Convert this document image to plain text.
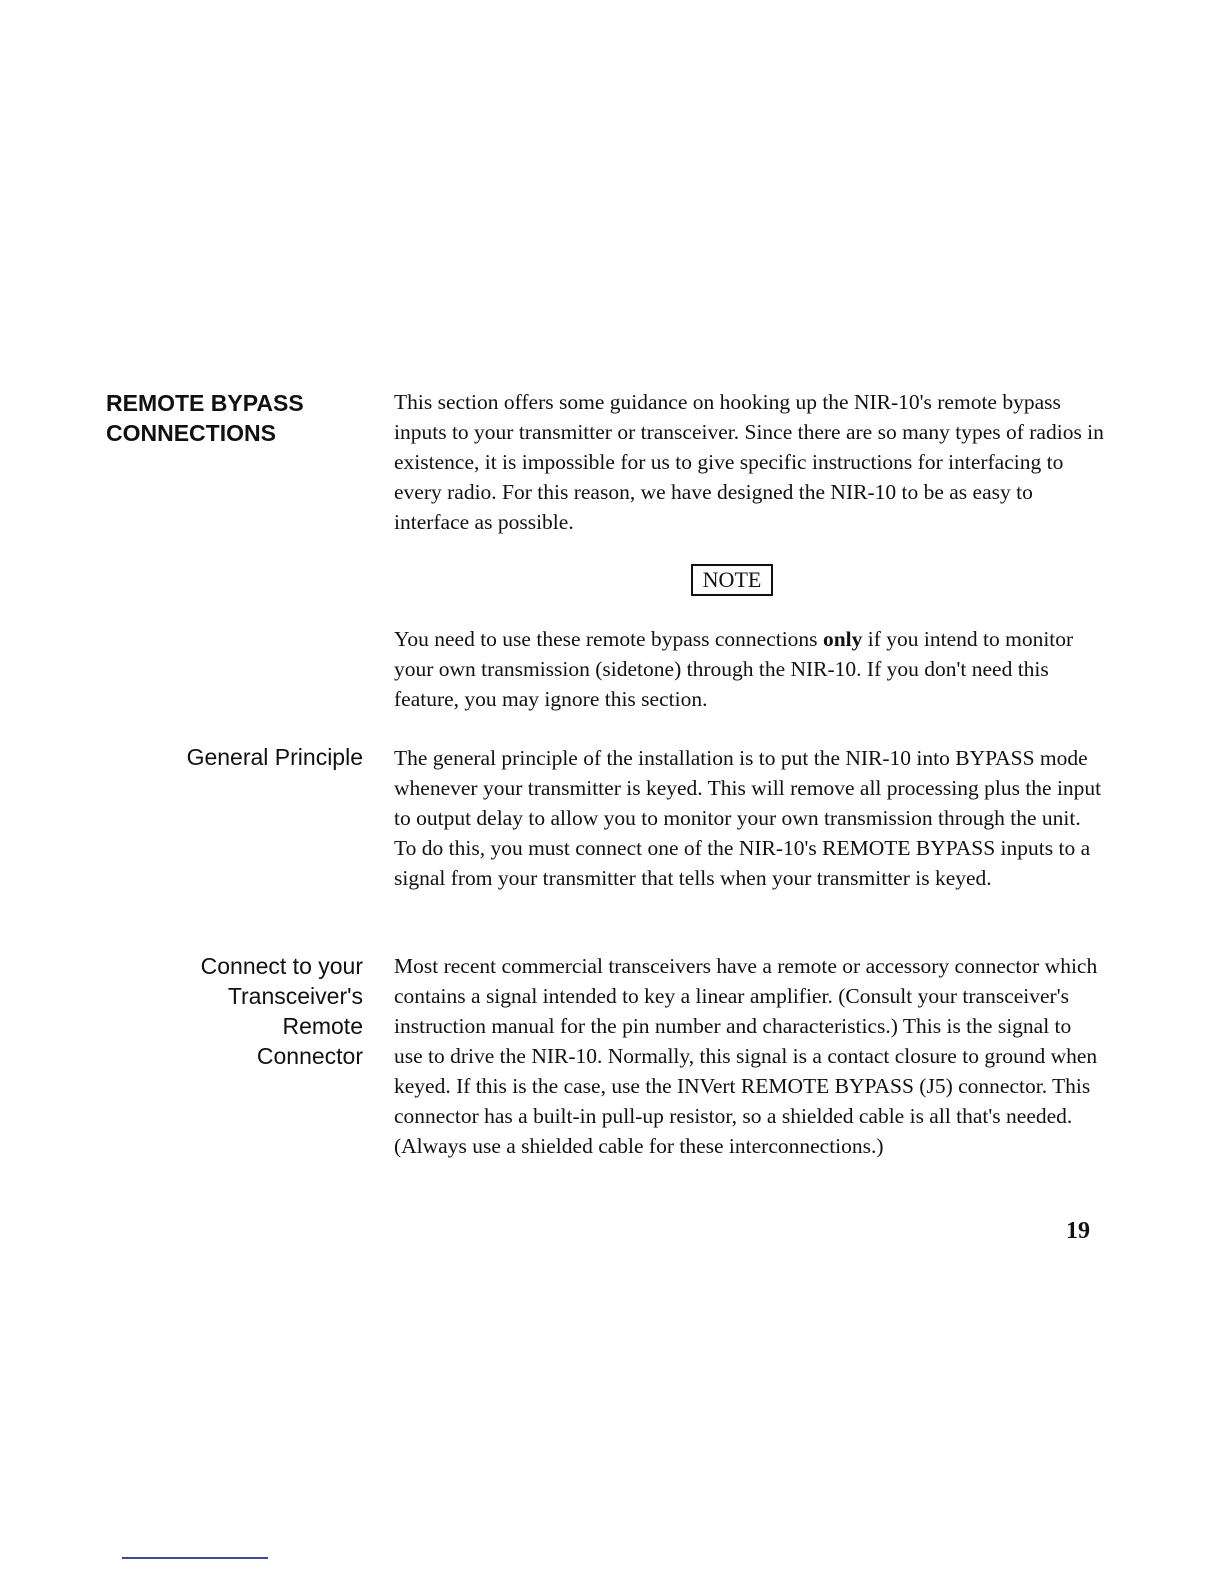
REMOTE BYPASS
CONNECTIONS

This section offers some guidance on hooking up the NIR-10's remote bypass inputs to your transmitter or transceiver. Since there are so many types of radios in existence, it is impossible for us to give specific instructions for interfacing to every radio. For this reason, we have designed the NIR-10 to be as easy to interface as possible.

NOTE

You need to use these remote bypass connections only if you intend to monitor your own transmission (sidetone) through the NIR-10. If you don't need this feature, you may ignore this section.

General Principle The general principle of the installation is to put the NIR-10 into BYPASS mode whenever your transmitter is keyed. This will remove all processing plus the input to output delay to allow you to monitor your own transmission through the unit. To do this, you must connect one of the NIR-10's REMOTE BYPASS inputs to a signal from your transmitter that tells when your transmitter is keyed.

Connect to your
Transceiver's
Remote
Connector

Most recent commercial transceivers have a remote or accessory connector which contains a signal intended to key a linear amplifier. (Consult your transceiver's instruction manual for the pin number and characteristics.) This is the signal to use to drive the NIR-10. Normally, this signal is a contact closure to ground when keyed. If this is the case, use the INVert REMOTE BYPASS (J5) connector. This connector has a built-in pull-up resistor, so a shielded cable is all that's needed. (Always use a shielded cable for these interconnections.)

19
